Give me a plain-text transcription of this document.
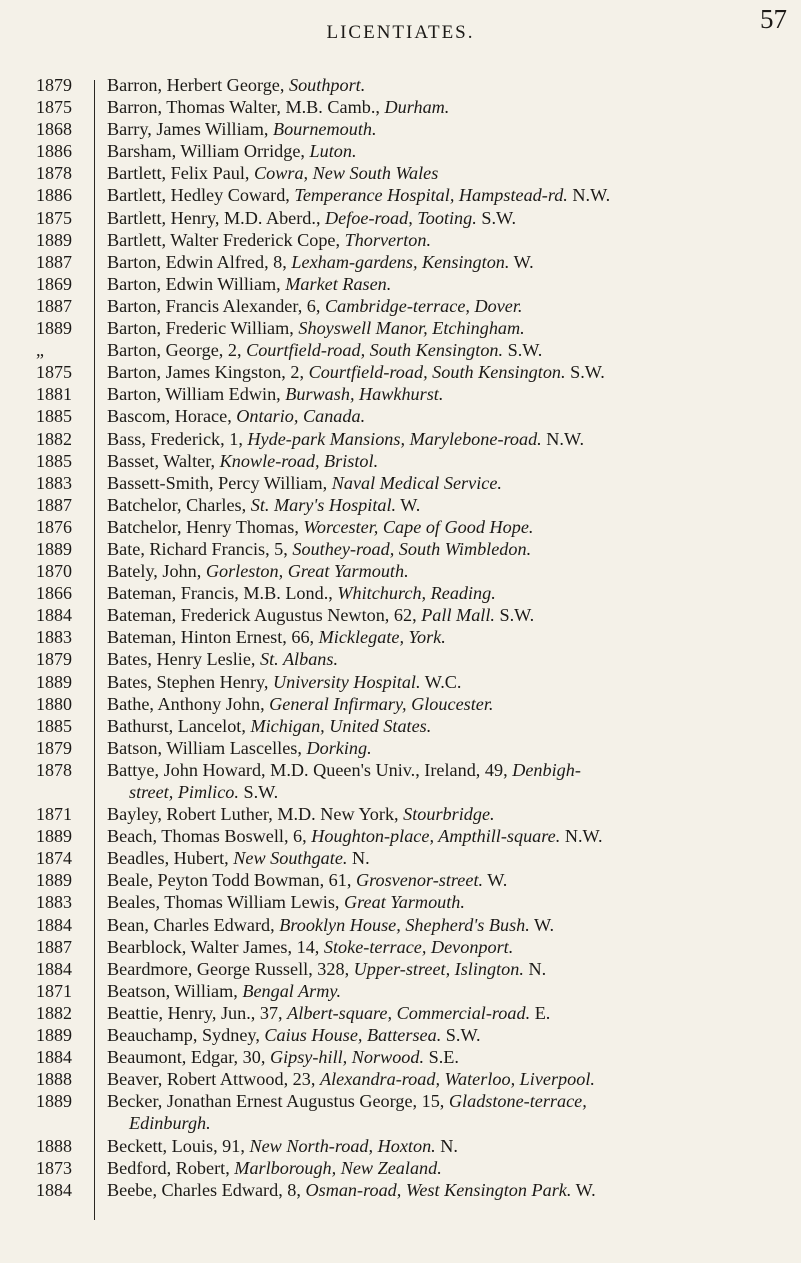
LICENTIATES.	57
1879	Barron, Herbert George, Southport.
1875	Barron, Thomas Walter, M.B. Camb., Durham.
1868	Barry, James William, Bournemouth.
1886	Barsham, William Orridge, Luton.
1878	Bartlett, Felix Paul, Cowra, New South Wales
1886	Bartlett, Hedley Coward, Temperance Hospital, Hampstead-rd. N.W.
1875	Bartlett, Henry, M.D. Aberd., Defoe-road, Tooting. S.W.
1889	Bartlett, Walter Frederick Cope, Thorverton.
1887	Barton, Edwin Alfred, 8, Lexham-gardens, Kensington. W.
1869	Barton, Edwin William, Market Rasen.
1887	Barton, Francis Alexander, 6, Cambridge-terrace, Dover.
1889	Barton, Frederic William, Shoyswell Manor, Etchingham.
„	Barton, George, 2, Courtfield-road, South Kensington. S.W.
1875	Barton, James Kingston, 2, Courtfield-road, South Kensington. S.W.
1881	Barton, William Edwin, Burwash, Hawkhurst.
1885	Bascom, Horace, Ontario, Canada.
1882	Bass, Frederick, 1, Hyde-park Mansions, Marylebone-road. N.W.
1885	Basset, Walter, Knowle-road, Bristol.
1883	Bassett-Smith, Percy William, Naval Medical Service.
1887	Batchelor, Charles, St. Mary's Hospital. W.
1876	Batchelor, Henry Thomas, Worcester, Cape of Good Hope.
1889	Bate, Richard Francis, 5, Southey-road, South Wimbledon.
1870	Bately, John, Gorleston, Great Yarmouth.
1866	Bateman, Francis, M.B. Lond., Whitchurch, Reading.
1884	Bateman, Frederick Augustus Newton, 62, Pall Mall. S.W.
1883	Bateman, Hinton Ernest, 66, Micklegate, York.
1879	Bates, Henry Leslie, St. Albans.
1889	Bates, Stephen Henry, University Hospital. W.C.
1880	Bathe, Anthony John, General Infirmary, Gloucester.
1885	Bathurst, Lancelot, Michigan, United States.
1879	Batson, William Lascelles, Dorking.
1878	Battye, John Howard, M.D. Queen's Univ., Ireland, 49, Denbigh-
street, Pimlico. S.W.
1871	Bayley, Robert Luther, M.D. New York, Stourbridge.
1889	Beach, Thomas Boswell, 6, Houghton-place, Ampthill-square. N.W.
1874	Beadles, Hubert, New Southgate. N.
1889	Beale, Peyton Todd Bowman, 61, Grosvenor-street. W.
1883	Beales, Thomas William Lewis, Great Yarmouth.
1884	Bean, Charles Edward, Brooklyn House, Shepherd's Bush. W.
1887	Bearblock, Walter James, 14, Stoke-terrace, Devonport.
1884	Beardmore, George Russell, 328, Upper-street, Islington. N.
1871	Beatson, William, Bengal Army.
1882	Beattie, Henry, Jun., 37, Albert-square, Commercial-road. E.
1889	Beauchamp, Sydney, Caius House, Battersea. S.W.
1884	Beaumont, Edgar, 30, Gipsy-hill, Norwood. S.E.
1888	Beaver, Robert Attwood, 23, Alexandra-road, Waterloo, Liverpool.
1889	Becker, Jonathan Ernest Augustus George, 15, Gladstone-terrace,
Edinburgh.
1888	Beckett, Louis, 91, New North-road, Hoxton. N.
1873	Bedford, Robert, Marlborough, New Zealand.
1884	Beebe, Charles Edward, 8, Osman-road, West Kensington Park. W.
